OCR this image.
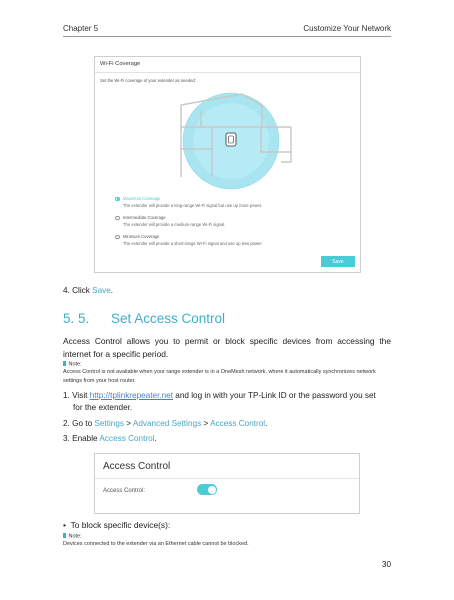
Chapter 5	Customize Your Network
Wi-Fi Coverage
Set the Wi-Fi coverage of your extender as needed:
Maximum Coverage
The extender will provide a long-range Wi-Fi signal but use up more power.
Intermediate Coverage
The extender will provide a medium-range Wi-Fi signal.
Minimum Coverage
The extender will provide a short-range Wi-Fi signal and use up less power.
Save
4. Click Save.
5. 5. Set Access Control
Access Control allows you to permit or block specific devices from accessing the internet for a specific period.
Note:
Access Control is not available when your range extender is in a OneMesh network, where it automatically synchronizes network settings from your host router.
1. Visit http://tplinkrepeater.net and log in with your TP-Link ID or the password you set
for the extender.
2. Go to Settings > Advanced Settings > Access Control.
3. Enable Access Control.
Access Control
Access Control:
•  To block specific device(s):
Note:
Devices connected to the extender via an Ethernet cable cannot be blocked.
30
